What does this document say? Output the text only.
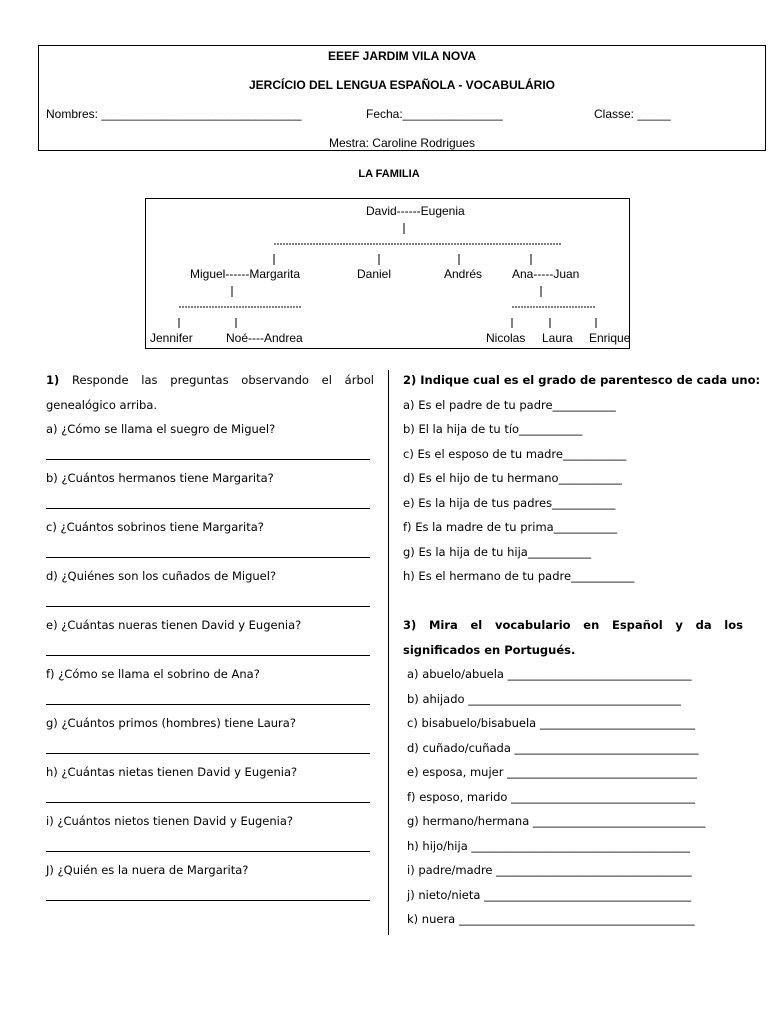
EEEF JARDIM VILA NOVA
JERCÍCIO DEL LENGUA ESPAÑOLA - VOCABULÁRIO
Nombres: ______________________________	Fecha:_______________	Classe: _____
Mestra: Caroline Rodrigues
LA FAMILIA
David------Eugenia
Miguel------Margarita	Daniel	Andrés Ana-----Juan
Jennifer	Noé----Andrea	Nicolas Laura Enrique

1) Responde las preguntas observando el árbol genealógico arriba.

a) ¿Cómo se llama el suegro de Miguel?

b) ¿Cuántos hermanos tiene Margarita?

c) ¿Cuántos sobrinos tiene Margarita?

d) ¿Quiénes son los cuñados de Miguel?

e) ¿Cuántas nueras tienen David y Eugenia?

f) ¿Cómo se llama el sobrino de Ana?

g) ¿Cuántos primos (hombres) tiene Laura?

h) ¿Cuántas nietas tienen David y Eugenia?

i) ¿Cuántos nietos tienen David y Eugenia?

J) ¿Quién es la nuera de Margarita?

2) Indique cual es el grado de parentesco de cada uno:

a) Es el padre de tu padre___________

b) El la hija de tu tío___________

c) Es el esposo de tu madre___________

d) Es el hijo de tu hermano___________

e) Es la hija de tus padres___________

f) Es la madre de tu prima___________

g) Es la hija de tu hija___________

h) Es el hermano de tu padre___________

3) Mira el vocabulario en Español y da los significados en Portugués.

a) abuelo/abuela ________________________________

b) ahijado _____________________________________

c) bisabuelo/bisabuela ___________________________

d) cuñado/cuñada ________________________________

e) esposa, mujer _________________________________

f) esposo, marido ________________________________

g) hermano/hermana ______________________________

h) hijo/hija ______________________________________

i) padre/madre __________________________________

j) nieto/nieta ____________________________________

k) nuera _________________________________________
